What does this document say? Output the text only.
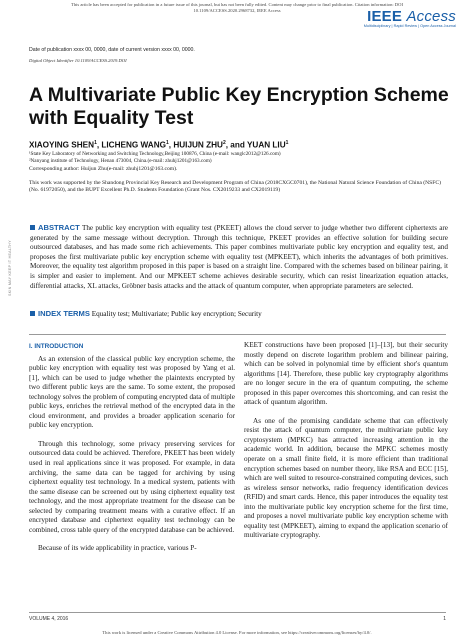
This article has been accepted for publication in a future issue of this journal, but has not been fully edited. Content may change prior to final publication. Citation information: DOI
10.1109/ACCESS.2020.2968732, IEEE Access	IEEE Access
Multidisciplinary | Rapid Review | Open Access Journal
Date of publication xxxx 00, 0000, date of current version xxxx 00, 0000.
Digital Object Identifier 10.1109/ACCESS.2019.DOI
A Multivariate Public Key Encryption Scheme with Equality Test
XIAOYING SHEN$^1$, LICHENG WANG$^1$, HUIJUN ZHU$^2$, and YUAN LIU$^1$
¹State Key Laboratory of Networking and Switching Technology,Beijing 100876, China (e-mail: wanglc2012@126.com)
²Nanyang institute of Technology, Henan 473004, China.(e-mail: zhuhj1201@163.com)
Corresponding author: Huijun Zhu(e-mail: zhuhj1201@163.com).
This work was supported by the Shandong Provincial Key Research and Development Program of China (2018CXGC0701), the National Natural Science Foundation of China (NSFC) (No. 61972050), and the BUPT Excellent Ph.D. Students Foundation (Grant Nos. CX2019233 and CX2019119)
SKIN MAY KEEP IT HEALTHY
ABSTRACT The public key encryption with equality test (PKEET) allows the cloud server to judge whether two different ciphertexts are generated by the same message without decryption. Through this technique, PKEET provides an effective solution for building secure outsourced databases, and has made some rich achievements. This paper combines multivariate public key encryption and equality test, and proposes the first multivariate public key encryption scheme with equality test (MPKEET), which inherits the advantages of both primitives. Moreover, the equality test algorithm proposed in this paper is based on a straight line. Compared with the schemes based on bilinear pairing, it is simpler and easier to implement. And our MPKEET scheme achieves desirable security, which can resist linearization equation attacks, differential attacks, XL attacks, Gröbner basis attacks and the attack of quantum computer, when appropriate parameters are selected.
INDEX TERMS Equality test; Multivariate; Public key encryption; Security
I. INTRODUCTION

As an extension of the classical public key encryption scheme, the public key encryption with equality test was proposed by Yang et al. [1], which can be used to judge whether the plaintexts encrypted by two different public keys are the same. To some extent, the proposed technology solves the problem of computing encrypted data of multiple public keys, enriches the retrieval method of the encrypted data in the cloud environment, and provides a broader application scenario for public key encryption.

Through this technology, some privacy preserving services for outsourced data could be achieved. Therefore, PKEET has been widely used in real applications since it was proposed. For example, in data archiving, the same data can be tagged for archiving by using ciphertext equality test technology. In a medical system, patients with the same disease can be screened out by using ciphertext equality test technology, and the most appropriate treatment for the disease can be selected by comparing treatment means with a curative effect. If an encrypted database and ciphertext equality test technology can be combined, cross table query of the encrypted database can be achieved.

Because of its wide applicability in practice, various P-

KEET constructions have been proposed [1]–[13], but their security mostly depend on discrete logarithm problem and bilinear pairing, which can be solved in polynomial time by efficient shor's quantum algorithms [14]. Therefore, these public key cryptography algorithms are no longer secure in the era of quantum computing, the scheme proposed in this paper overcomes this shortcoming, and can resist the attack of quantum algorithm.

As one of the promising candidate scheme that can effectively resist the attack of quantum computer, the multivariate public key cryptosystem (MPKC) has attracted increasing attention in the academic world. In addition, because the MPKC schemes mostly operate on a small finite field, it is more efficient than traditional encryption schemes based on number theory, like RSA and ECC [15], which are well suited to resource-constrained computing devices, such as wireless sensor networks, radio frequency identification devices (RFID) and smart cards. Hence, this paper introduces the equality test into the multivariate public key encryption scheme for the first time, and proposes a novel multivariate public key encryption scheme with equality test (MPKEET), aiming to expand the application scenario of multivariate cryptography.

VOLUME 4, 2016	1
This work is licensed under a Creative Commons Attribution 4.0 License. For more information, see https://creativecommons.org/licenses/by/4.0/.
